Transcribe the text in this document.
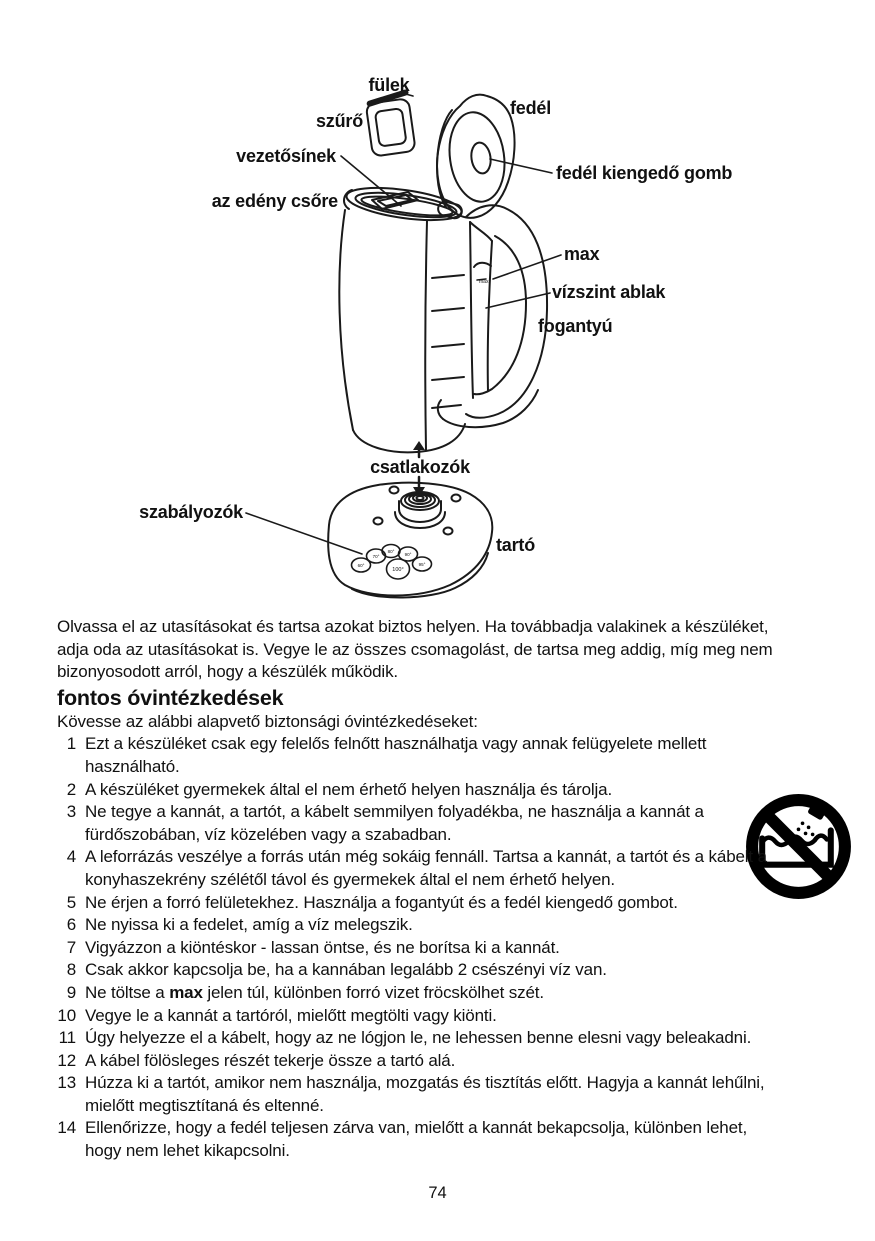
fülek
szűrő
fedél
fedél kiengedő gomb
vezetősínek
az edény csőre
max
vízszint ablak
fogantyú
csatlakozók
szabályozók
tartó
max
60°
70°
80°
90°
95°
100°

Olvassa el az utasításokat és tartsa azokat biztos helyen. Ha továbbadja valakinek a készüléket, adja oda az utasításokat is. Vegye le az összes csomagolást, de tartsa meg addig, míg meg nem bizonyosodott arról, hogy a készülék működik.

fontos óvintézkedések

Kövesse az alábbi alapvető biztonsági óvintézkedéseket:

1 Ezt a készüléket csak egy felelős felnőtt használhatja vagy annak felügyelete mellett használható.
2 A készüléket gyermekek által el nem érhető helyen használja és tárolja.
3 Ne tegye a kannát, a tartót, a kábelt semmilyen folyadékba, ne használja a kannát a fürdőszobában, víz közelében vagy a szabadban.
4 A leforrázás veszélye a forrás után még sokáig fennáll. Tartsa a kannát, a tartót és a kábelt a konyhaszekrény szélétől távol és gyermekek által el nem érhető helyen.
5 Ne érjen a forró felületekhez. Használja a fogantyút és a fedél kiengedő gombot.
6 Ne nyissa ki a fedelet, amíg a víz melegszik.
7 Vigyázzon a kiöntéskor - lassan öntse, és ne borítsa ki a kannát.
8 Csak akkor kapcsolja be, ha a kannában legalább 2 csészényi víz van.
9 Ne töltse a max jelen túl, különben forró vizet fröcskölhet szét.
10 Vegye le a kannát a tartóról, mielőtt megtölti vagy kiönti.
11 Úgy helyezze el a kábelt, hogy az ne lógjon le, ne lehessen benne elesni vagy beleakadni.
12 A kábel fölösleges részét tekerje össze a tartó alá.
13 Húzza ki a tartót, amikor nem használja, mozgatás és tisztítás előtt. Hagyja a kannát lehűlni, mielőtt megtisztítaná és eltenné.
14 Ellenőrizze, hogy a fedél teljesen zárva van, mielőtt a kannát bekapcsolja, különben lehet, hogy nem lehet kikapcsolni.
74
